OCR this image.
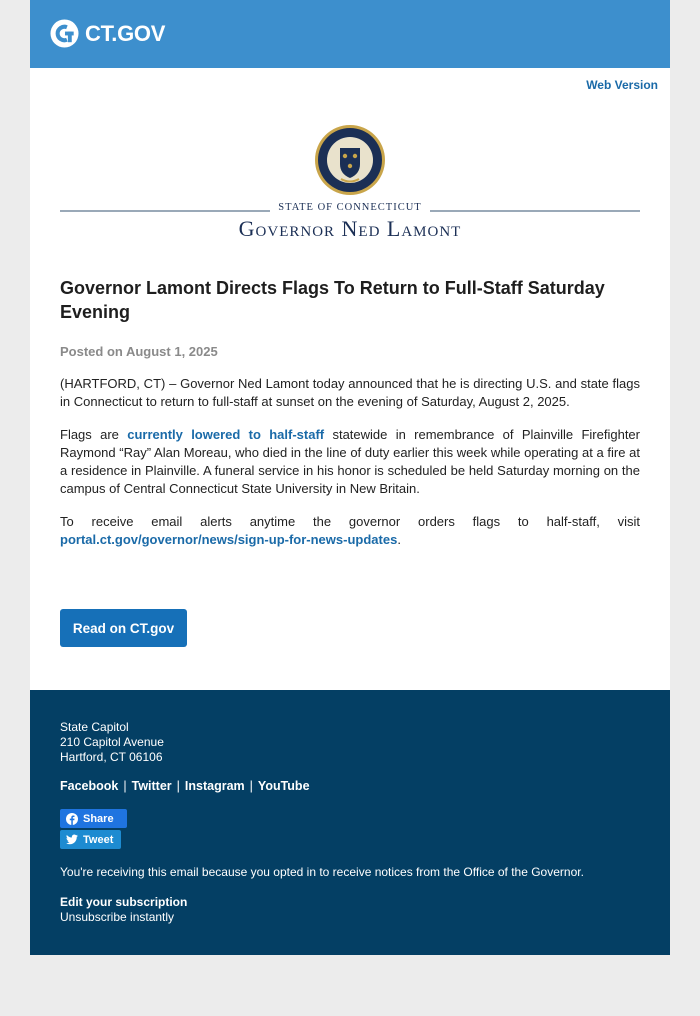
CT.GOV
Web Version
STATE OF CONNECTICUT
Governor Ned Lamont
Governor Lamont Directs Flags To Return to Full-Staff Saturday Evening
Posted on August 1, 2025

(HARTFORD, CT) – Governor Ned Lamont today announced that he is directing U.S. and state flags in Connecticut to return to full-staff at sunset on the evening of Saturday, August 2, 2025.

Flags are currently lowered to half-staff statewide in remembrance of Plainville Firefighter Raymond “Ray” Alan Moreau, who died in the line of duty earlier this week while operating at a fire at a residence in Plainville. A funeral service in his honor is scheduled be held Saturday morning on the campus of Central Connecticut State University in New Britain.

To receive email alerts anytime the governor orders flags to half-staff, visit portal.ct.gov/governor/news/sign-up-for-news-updates.

Read on CT.gov
State Capitol
210 Capitol Avenue
Hartford, CT 06106
Facebook | Twitter | Instagram | YouTube
Share
Tweet
You're receiving this email because you opted in to receive notices from the Office of the Governor.
Edit your subscription
Unsubscribe instantly
